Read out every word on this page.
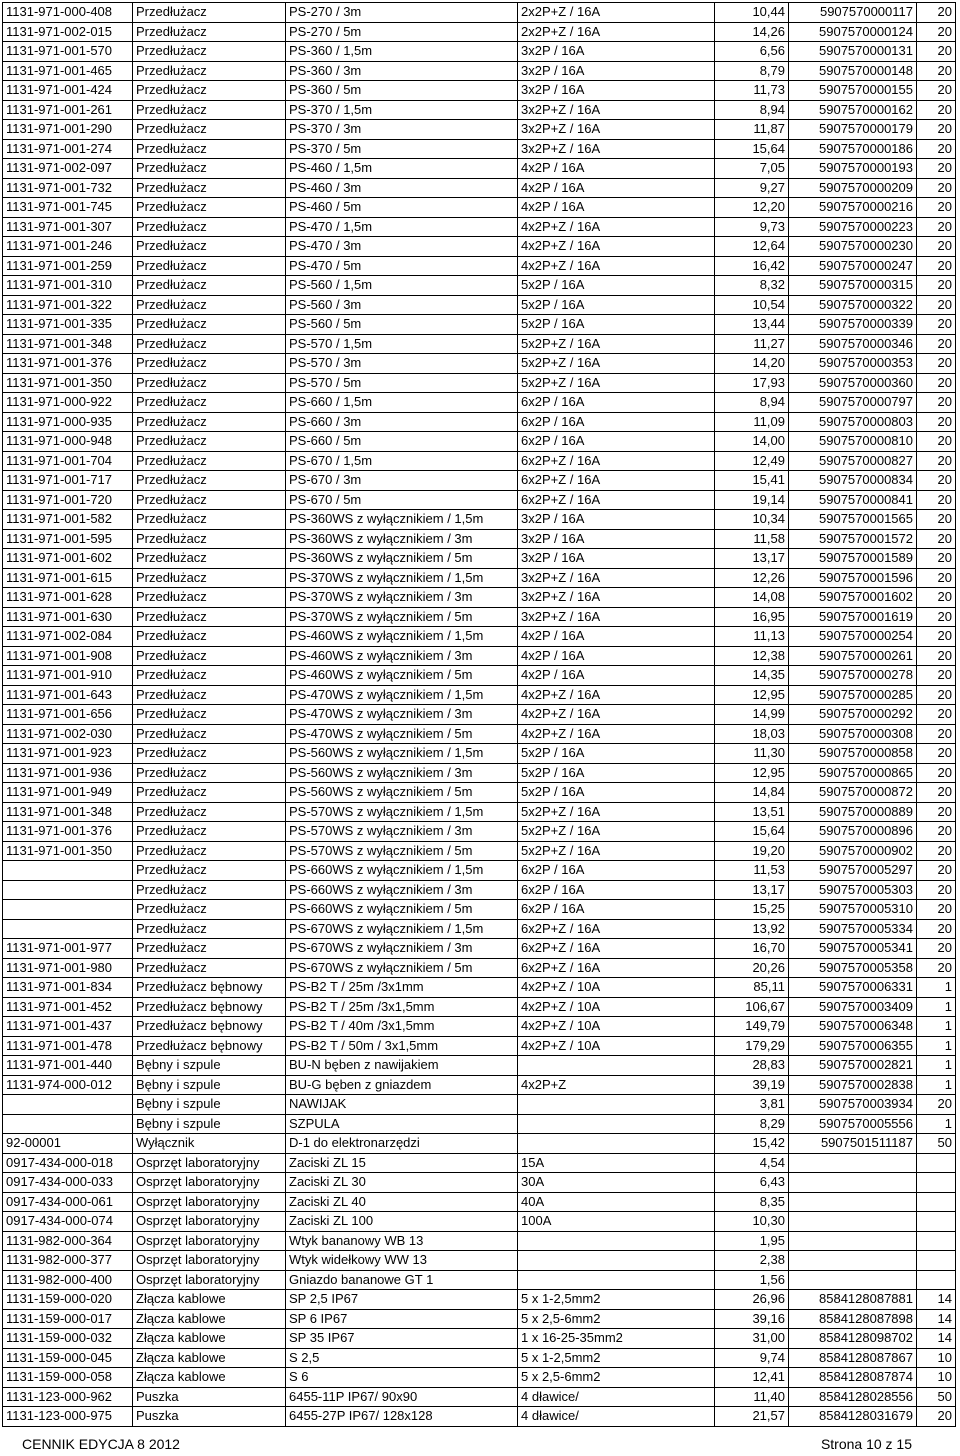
1131-971-000-408	Przedłużacz	PS-270 / 3m	2x2P+Z / 16A	10,44	5907570000117	20
1131-971-002-015	Przedłużacz	PS-270 / 5m	2x2P+Z / 16A	14,26	5907570000124	20
1131-971-001-570	Przedłużacz	PS-360 / 1,5m	3x2P / 16A	6,56	5907570000131	20
1131-971-001-465	Przedłużacz	PS-360 / 3m	3x2P / 16A	8,79	5907570000148	20
1131-971-001-424	Przedłużacz	PS-360 / 5m	3x2P / 16A	11,73	5907570000155	20
1131-971-001-261	Przedłużacz	PS-370 / 1,5m	3x2P+Z / 16A	8,94	5907570000162	20
1131-971-001-290	Przedłużacz	PS-370 / 3m	3x2P+Z / 16A	11,87	5907570000179	20
1131-971-001-274	Przedłużacz	PS-370 / 5m	3x2P+Z / 16A	15,64	5907570000186	20
1131-971-002-097	Przedłużacz	PS-460 / 1,5m	4x2P / 16A	7,05	5907570000193	20
1131-971-001-732	Przedłużacz	PS-460 / 3m	4x2P / 16A	9,27	5907570000209	20
1131-971-001-745	Przedłużacz	PS-460 / 5m	4x2P / 16A	12,20	5907570000216	20
1131-971-001-307	Przedłużacz	PS-470 / 1,5m	4x2P+Z / 16A	9,73	5907570000223	20
1131-971-001-246	Przedłużacz	PS-470 / 3m	4x2P+Z / 16A	12,64	5907570000230	20
1131-971-001-259	Przedłużacz	PS-470 / 5m	4x2P+Z / 16A	16,42	5907570000247	20
1131-971-001-310	Przedłużacz	PS-560 / 1,5m	5x2P / 16A	8,32	5907570000315	20
1131-971-001-322	Przedłużacz	PS-560 / 3m	5x2P / 16A	10,54	5907570000322	20
1131-971-001-335	Przedłużacz	PS-560 / 5m	5x2P / 16A	13,44	5907570000339	20
1131-971-001-348	Przedłużacz	PS-570 / 1,5m	5x2P+Z / 16A	11,27	5907570000346	20
1131-971-001-376	Przedłużacz	PS-570 / 3m	5x2P+Z / 16A	14,20	5907570000353	20
1131-971-001-350	Przedłużacz	PS-570 / 5m	5x2P+Z / 16A	17,93	5907570000360	20
1131-971-000-922	Przedłużacz	PS-660 / 1,5m	6x2P / 16A	8,94	5907570000797	20
1131-971-000-935	Przedłużacz	PS-660 / 3m	6x2P / 16A	11,09	5907570000803	20
1131-971-000-948	Przedłużacz	PS-660 / 5m	6x2P / 16A	14,00	5907570000810	20
1131-971-001-704	Przedłużacz	PS-670 / 1,5m	6x2P+Z / 16A	12,49	5907570000827	20
1131-971-001-717	Przedłużacz	PS-670 / 3m	6x2P+Z / 16A	15,41	5907570000834	20
1131-971-001-720	Przedłużacz	PS-670 / 5m	6x2P+Z / 16A	19,14	5907570000841	20
1131-971-001-582	Przedłużacz	PS-360WS z wyłącznikiem / 1,5m	3x2P / 16A	10,34	5907570001565	20
1131-971-001-595	Przedłużacz	PS-360WS z wyłącznikiem / 3m	3x2P / 16A	11,58	5907570001572	20
1131-971-001-602	Przedłużacz	PS-360WS z wyłącznikiem / 5m	3x2P / 16A	13,17	5907570001589	20
1131-971-001-615	Przedłużacz	PS-370WS z wyłącznikiem / 1,5m	3x2P+Z / 16A	12,26	5907570001596	20
1131-971-001-628	Przedłużacz	PS-370WS z wyłącznikiem / 3m	3x2P+Z / 16A	14,08	5907570001602	20
1131-971-001-630	Przedłużacz	PS-370WS z wyłącznikiem / 5m	3x2P+Z / 16A	16,95	5907570001619	20
1131-971-002-084	Przedłużacz	PS-460WS z wyłącznikiem / 1,5m	4x2P / 16A	11,13	5907570000254	20
1131-971-001-908	Przedłużacz	PS-460WS z wyłącznikiem / 3m	4x2P / 16A	12,38	5907570000261	20
1131-971-001-910	Przedłużacz	PS-460WS z wyłącznikiem / 5m	4x2P / 16A	14,35	5907570000278	20
1131-971-001-643	Przedłużacz	PS-470WS z wyłącznikiem / 1,5m	4x2P+Z / 16A	12,95	5907570000285	20
1131-971-001-656	Przedłużacz	PS-470WS z wyłącznikiem / 3m	4x2P+Z / 16A	14,99	5907570000292	20
1131-971-002-030	Przedłużacz	PS-470WS z wyłącznikiem / 5m	4x2P+Z / 16A	18,03	5907570000308	20
1131-971-001-923	Przedłużacz	PS-560WS z wyłącznikiem / 1,5m	5x2P / 16A	11,30	5907570000858	20
1131-971-001-936	Przedłużacz	PS-560WS z wyłącznikiem / 3m	5x2P / 16A	12,95	5907570000865	20
1131-971-001-949	Przedłużacz	PS-560WS z wyłącznikiem / 5m	5x2P / 16A	14,84	5907570000872	20
1131-971-001-348	Przedłużacz	PS-570WS z wyłącznikiem / 1,5m	5x2P+Z / 16A	13,51	5907570000889	20
1131-971-001-376	Przedłużacz	PS-570WS z wyłącznikiem / 3m	5x2P+Z / 16A	15,64	5907570000896	20
1131-971-001-350	Przedłużacz	PS-570WS z wyłącznikiem / 5m	5x2P+Z / 16A	19,20	5907570000902	20
	Przedłużacz	PS-660WS z wyłącznikiem / 1,5m	6x2P / 16A	11,53	5907570005297	20
	Przedłużacz	PS-660WS z wyłącznikiem / 3m	6x2P / 16A	13,17	5907570005303	20
	Przedłużacz	PS-660WS z wyłącznikiem / 5m	6x2P / 16A	15,25	5907570005310	20
	Przedłużacz	PS-670WS z wyłącznikiem / 1,5m	6x2P+Z / 16A	13,92	5907570005334	20
1131-971-001-977	Przedłużacz	PS-670WS z wyłącznikiem / 3m	6x2P+Z / 16A	16,70	5907570005341	20
1131-971-001-980	Przedłużacz	PS-670WS z wyłącznikiem / 5m	6x2P+Z / 16A	20,26	5907570005358	20
1131-971-001-834	Przedłużacz bębnowy	PS-B2 T / 25m /3x1mm	4x2P+Z / 10A	85,11	5907570006331	1
1131-971-001-452	Przedłużacz bębnowy	PS-B2 T / 25m /3x1,5mm	4x2P+Z / 10A	106,67	5907570003409	1
1131-971-001-437	Przedłużacz bębnowy	PS-B2 T / 40m /3x1,5mm	4x2P+Z / 10A	149,79	5907570006348	1
1131-971-001-478	Przedłużacz bębnowy	PS-B2 T / 50m / 3x1,5mm	4x2P+Z / 10A	179,29	5907570006355	1
1131-971-001-440	Bębny i szpule	BU-N bęben z nawijakiem		28,83	5907570002821	1
1131-974-000-012	Bębny i szpule	BU-G bęben z gniazdem	4x2P+Z	39,19	5907570002838	1
	Bębny i szpule	NAWIJAK		3,81	5907570003934	20
	Bębny i szpule	SZPULA		8,29	5907570005556	1
92-00001	Wyłącznik	D-1 do elektronarzędzi		15,42	5907501511187	50
0917-434-000-018	Osprzęt laboratoryjny	Zaciski ZL 15	15A	4,54		
0917-434-000-033	Osprzęt laboratoryjny	Zaciski ZL 30	30A	6,43		
0917-434-000-061	Osprzęt laboratoryjny	Zaciski ZL 40	40A	8,35		
0917-434-000-074	Osprzęt laboratoryjny	Zaciski ZL 100	100A	10,30		
1131-982-000-364	Osprzęt laboratoryjny	Wtyk bananowy WB 13		1,95		
1131-982-000-377	Osprzęt laboratoryjny	Wtyk widełkowy WW 13		2,38		
1131-982-000-400	Osprzęt laboratoryjny	Gniazdo bananowe GT 1		1,56		
1131-159-000-020	Złącza kablowe	SP 2,5 IP67	5 x 1-2,5mm2	26,96	8584128087881	14
1131-159-000-017	Złącza kablowe	SP 6 IP67	5 x 2,5-6mm2	39,16	8584128087898	14
1131-159-000-032	Złącza kablowe	SP 35 IP67	1 x 16-25-35mm2	31,00	8584128098702	14
1131-159-000-045	Złącza kablowe	S 2,5	5 x 1-2,5mm2	9,74	8584128087867	10
1131-159-000-058	Złącza kablowe	S 6	5 x 2,5-6mm2	12,41	8584128087874	10
1131-123-000-962	Puszka	6455-11P IP67/ 90x90	4 dławice/	11,40	8584128028556	50
1131-123-000-975	Puszka	6455-27P IP67/ 128x128	4 dławice/	21,57	8584128031679	20
CENNIK EDYCJA 8 2012	Strona 10 z 15
